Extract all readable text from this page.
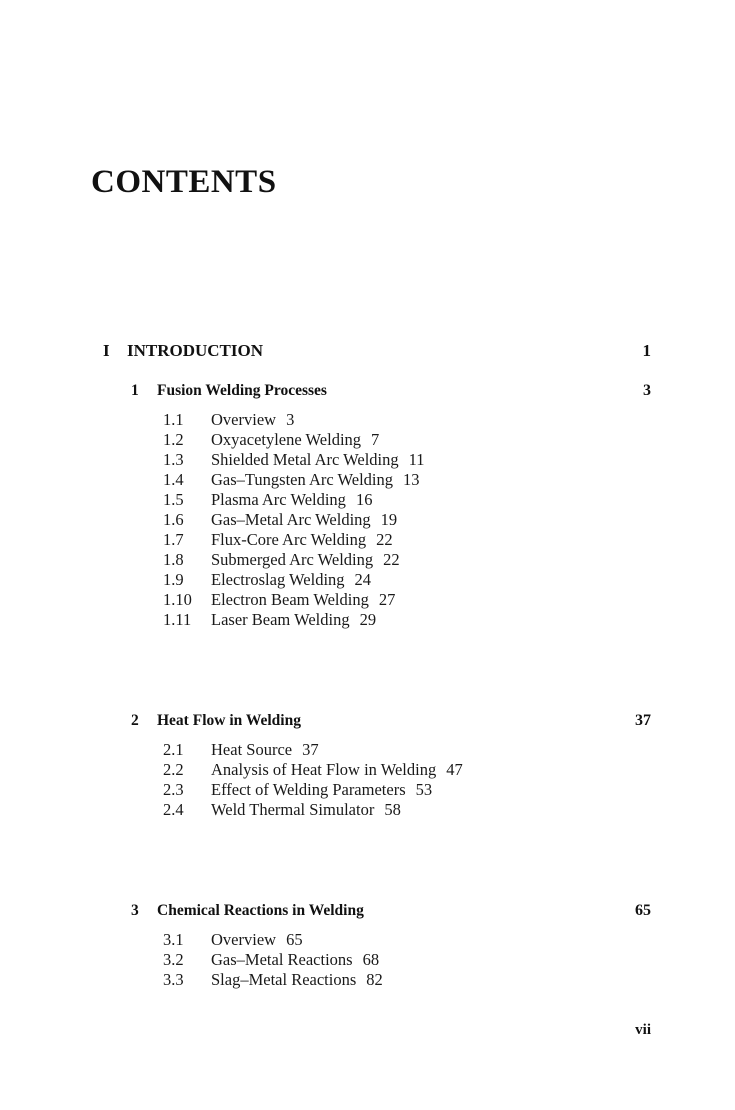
CONTENTS
I	INTRODUCTION	1
1	Fusion Welding Processes	3
1.1	Overview 3
1.2	Oxyacetylene Welding 7
1.3	Shielded Metal Arc Welding 11
1.4	Gas–Tungsten Arc Welding 13
1.5	Plasma Arc Welding 16
1.6	Gas–Metal Arc Welding 19
1.7	Flux-Core Arc Welding 22
1.8	Submerged Arc Welding 22
1.9	Electroslag Welding 24
1.10	Electron Beam Welding 27
1.11	Laser Beam Welding 29
2	Heat Flow in Welding	37
2.1	Heat Source 37
2.2	Analysis of Heat Flow in Welding 47
2.3	Effect of Welding Parameters 53
2.4	Weld Thermal Simulator 58
3	Chemical Reactions in Welding	65
3.1	Overview 65
3.2	Gas–Metal Reactions 68
3.3	Slag–Metal Reactions 82
vii
